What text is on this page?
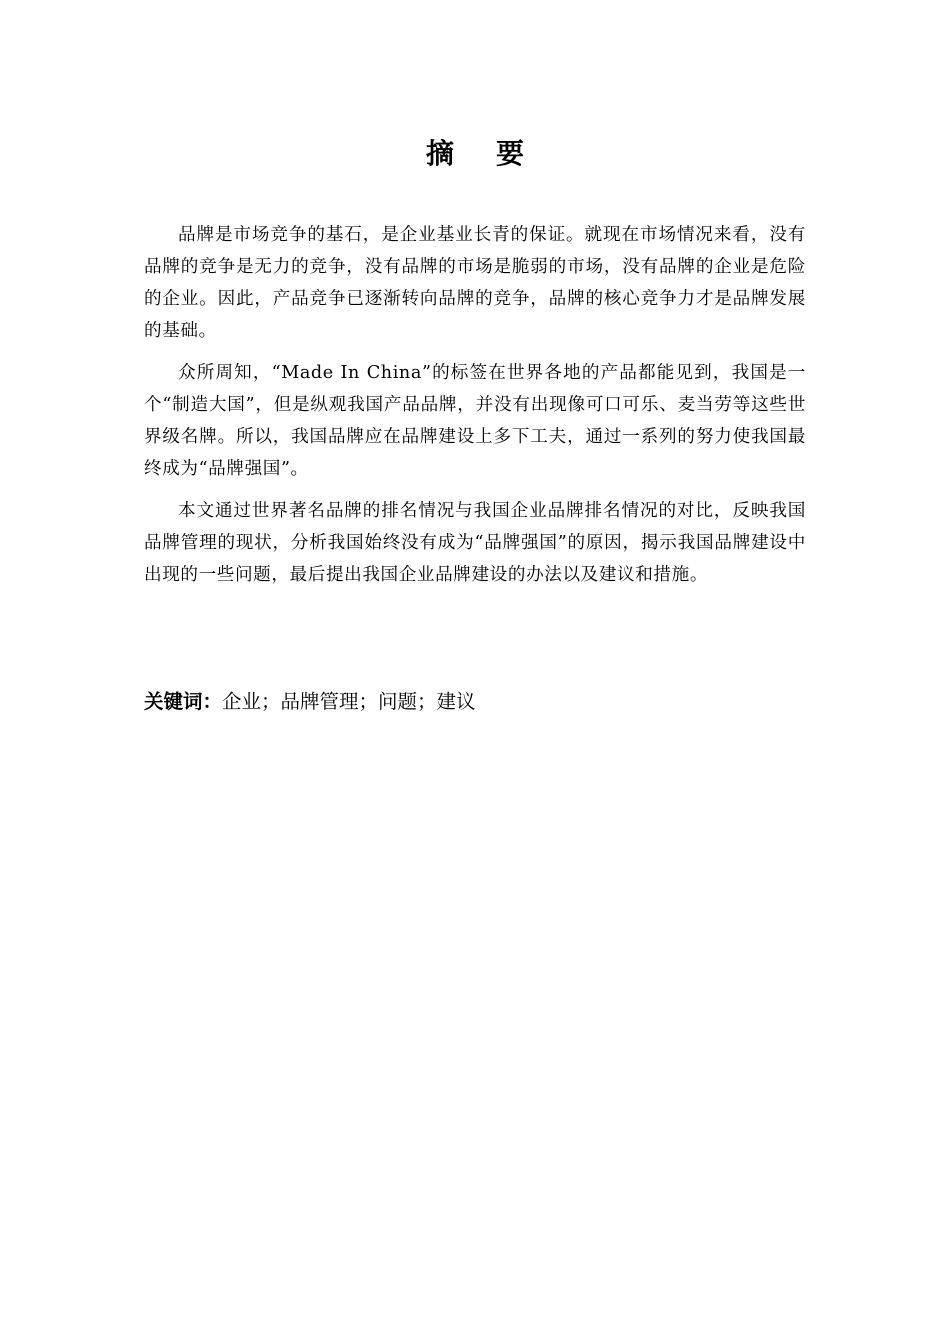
摘 要

品牌是市场竞争的基石，是企业基业长青的保证。就现在市场情况来看，没有品牌的竞争是无力的竞争，没有品牌的市场是脆弱的市场，没有品牌的企业是危险的企业。因此，产品竞争已逐渐转向品牌的竞争，品牌的核心竞争力才是品牌发展的基础。

众所周知，“Made In China”的标签在世界各地的产品都能见到，我国是一个“制造大国”，但是纵观我国产品品牌，并没有出现像可口可乐、麦当劳等这些世界级名牌。所以，我国品牌应在品牌建设上多下工夫，通过一系列的努力使我国最终成为“品牌强国”。

本文通过世界著名品牌的排名情况与我国企业品牌排名情况的对比，反映我国品牌管理的现状，分析我国始终没有成为“品牌强国”的原因，揭示我国品牌建设中出现的一些问题，最后提出我国企业品牌建设的办法以及建议和措施。

关键词：企业；品牌管理；问题；建议
